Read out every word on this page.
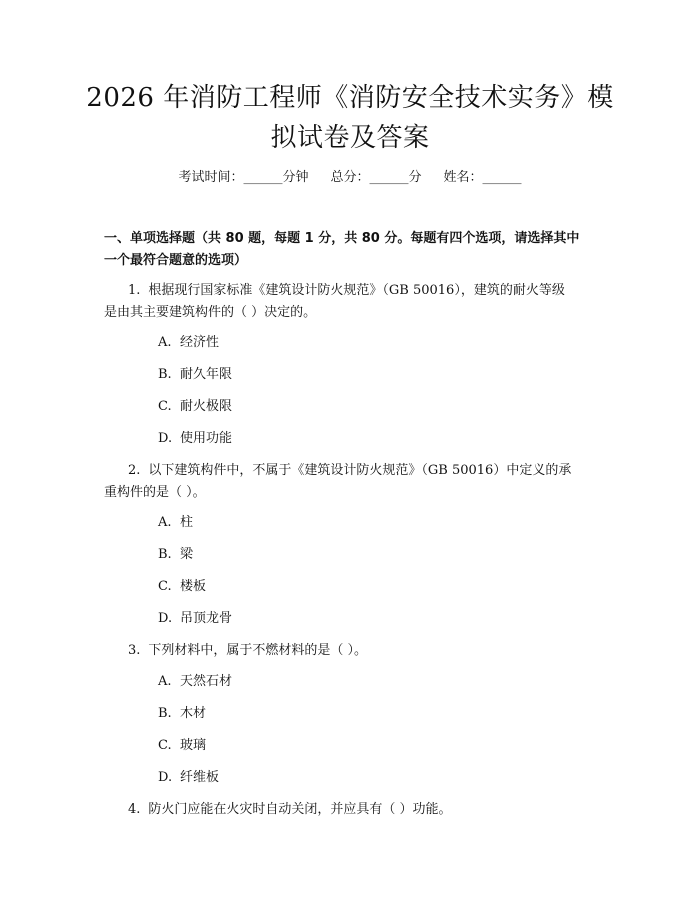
2026 年消防工程师《消防安全技术实务》模
拟试卷及答案
考试时间：______分钟 总分：______分 姓名：______
一、单项选择题（共 80 题，每题 1 分，共 80 分。每题有四个选项，请选择其中
一个最符合题意的选项）
1. 根据现行国家标准《建筑设计防火规范》（GB 50016），建筑的耐火等级
是由其主要建筑构件的（ ）决定的。
A. 经济性
B. 耐久年限
C. 耐火极限
D. 使用功能
2. 以下建筑构件中，不属于《建筑设计防火规范》（GB 50016）中定义的承
重构件的是（ ）。
A. 柱
B. 梁
C. 楼板
D. 吊顶龙骨
3. 下列材料中，属于不燃材料的是（ ）。
A. 天然石材
B. 木材
C. 玻璃
D. 纤维板
4. 防火门应能在火灾时自动关闭，并应具有（ ）功能。
